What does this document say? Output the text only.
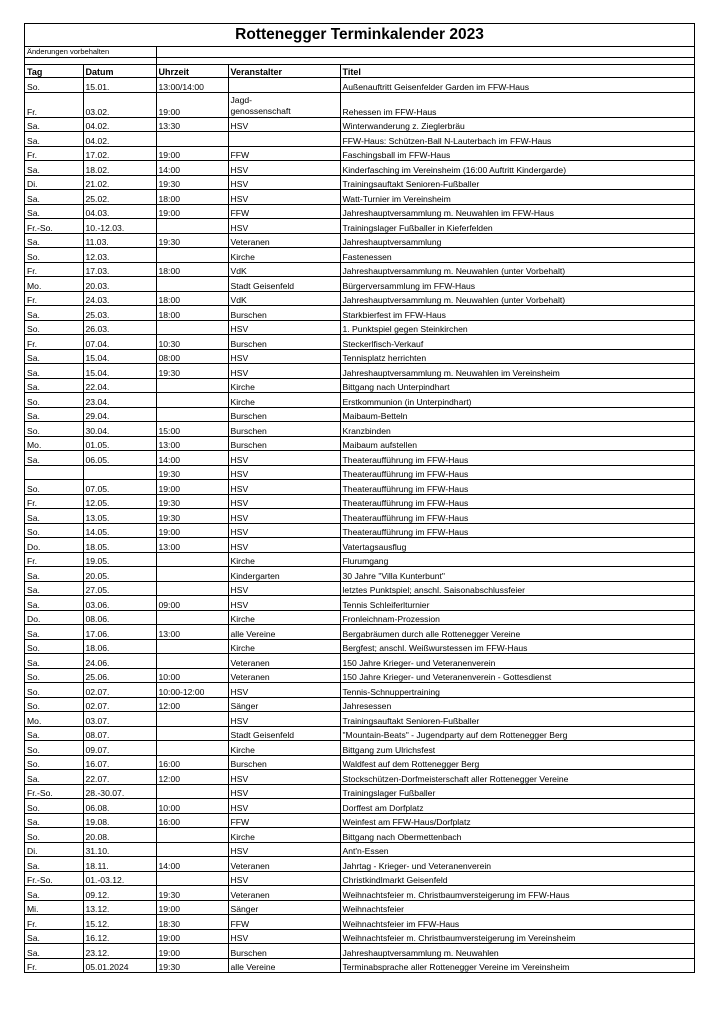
Rottenegger Terminkalender 2023
Änderungen vorbehalten
Tag	Datum	Uhrzeit	Veranstalter	Titel
So.	15.01.	13:00/14:00		Außenauftritt Geisenfelder Garden im FFW-Haus
Fr.	03.02.	19:00	Jagd-
genossenschaft	Rehessen im FFW-Haus
Sa.	04.02.	13:30	HSV	Winterwanderung z. Zieglerbräu
Sa.	04.02.			FFW-Haus: Schützen-Ball N-Lauterbach im FFW-Haus
Fr.	17.02.	19:00	FFW	Faschingsball im FFW-Haus
Sa.	18.02.	14:00	HSV	Kinderfasching im Vereinsheim (16:00 Auftritt Kindergarde)
Di.	21.02.	19:30	HSV	Trainingsauftakt Senioren-Fußballer
Sa.	25.02.	18:00	HSV	Watt-Turnier im Vereinsheim
Sa.	04.03.	19:00	FFW	Jahreshauptversammlung m. Neuwahlen im FFW-Haus
Fr.-So.	10.-12.03.		HSV	Trainingslager Fußballer in Kieferfelden
Sa.	11.03.	19:30	Veteranen	Jahreshauptversammlung
So.	12.03.		Kirche	Fastenessen
Fr.	17.03.	18:00	VdK	Jahreshauptversammlung m. Neuwahlen (unter Vorbehalt)
Mo.	20.03.		Stadt Geisenfeld	Bürgerversammlung im FFW-Haus
Fr.	24.03.	18:00	VdK	Jahreshauptversammlung m. Neuwahlen (unter Vorbehalt)
Sa.	25.03.	18:00	Burschen	Starkbierfest im FFW-Haus
So.	26.03.		HSV	1. Punktspiel gegen Steinkirchen
Fr.	07.04.	10:30	Burschen	Steckerlfisch-Verkauf
Sa.	15.04.	08:00	HSV	Tennisplatz herrichten
Sa.	15.04.	19:30	HSV	Jahreshauptversammlung m. Neuwahlen im Vereinsheim
Sa.	22.04.		Kirche	Bittgang nach Unterpindhart
So.	23.04.		Kirche	Erstkommunion (in Unterpindhart)
Sa.	29.04.		Burschen	Maibaum-Betteln
So.	30.04.	15:00	Burschen	Kranzbinden
Mo.	01.05.	13:00	Burschen	Maibaum aufstellen
Sa.	06.05.	14:00	HSV	Theateraufführung im FFW-Haus
		19:30	HSV	Theateraufführung im FFW-Haus
So.	07.05.	19:00	HSV	Theateraufführung im FFW-Haus
Fr.	12.05.	19:30	HSV	Theateraufführung im FFW-Haus
Sa.	13.05.	19:30	HSV	Theateraufführung im FFW-Haus
So.	14.05.	19:00	HSV	Theateraufführung im FFW-Haus
Do.	18.05.	13:00	HSV	Vatertagsausflug
Fr.	19.05.		Kirche	Flurumgang
Sa.	20.05.		Kindergarten	30 Jahre "Villa Kunterbunt"
Sa.	27.05.		HSV	letztes Punktspiel; anschl. Saisonabschlussfeier
Sa.	03.06.	09:00	HSV	Tennis Schleiferlturnier
Do.	08.06.		Kirche	Fronleichnam-Prozession
Sa.	17.06.	13:00	alle Vereine	Bergabräumen durch alle Rottenegger Vereine
So.	18.06.		Kirche	Bergfest; anschl. Weißwurstessen im FFW-Haus
Sa.	24.06.		Veteranen	150 Jahre Krieger- und Veteranenverein
So.	25.06.	10:00	Veteranen	150 Jahre Krieger- und Veteranenverein - Gottesdienst
So.	02.07.	10:00-12:00	HSV	Tennis-Schnuppertraining
So.	02.07.	12:00	Sänger	Jahresessen
Mo.	03.07.		HSV	Trainingsauftakt Senioren-Fußballer
Sa.	08.07.		Stadt Geisenfeld	"Mountain-Beats" - Jugendparty auf dem Rottenegger Berg
So.	09.07.		Kirche	Bittgang zum Ulrichsfest
So.	16.07.	16:00	Burschen	Waldfest auf dem Rottenegger Berg
Sa.	22.07.	12:00	HSV	Stockschützen-Dorfmeisterschaft aller Rottenegger Vereine
Fr.-So.	28.-30.07.		HSV	Trainingslager Fußballer
So.	06.08.	10:00	HSV	Dorffest am Dorfplatz
Sa.	19.08.	16:00	FFW	Weinfest am FFW-Haus/Dorfplatz
So.	20.08.		Kirche	Bittgang nach Obermettenbach
Di.	31.10.		HSV	Ant'n-Essen
Sa.	18.11.	14:00	Veteranen	Jahrtag - Krieger- und Veteranenverein
Fr.-So.	01.-03.12.		HSV	Christkindlmarkt Geisenfeld
Sa.	09.12.	19:30	Veteranen	Weihnachtsfeier m. Christbaumversteigerung im FFW-Haus
Mi.	13.12.	19:00	Sänger	Weihnachtsfeier
Fr.	15.12.	18:30	FFW	Weihnachtsfeier im FFW-Haus
Sa.	16.12.	19:00	HSV	Weihnachtsfeier m. Christbaumversteigerung im Vereinsheim
Sa.	23.12.	19:00	Burschen	Jahreshauptversammlung m. Neuwahlen
Fr.	05.01.2024	19:30	alle Vereine	Terminabsprache aller Rottenegger Vereine im Vereinsheim
